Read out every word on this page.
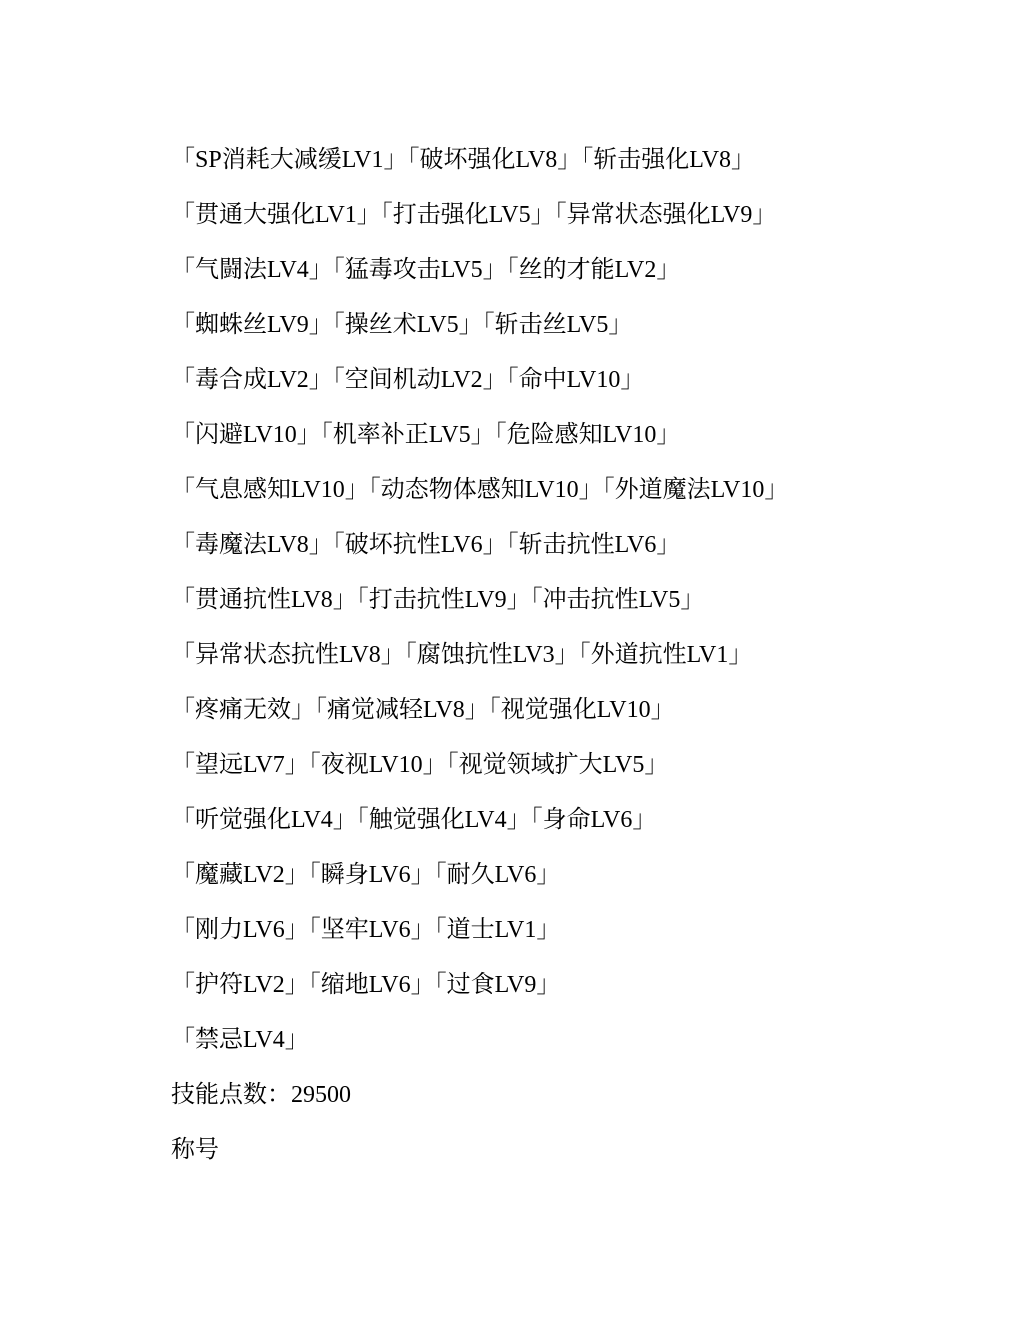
「SP消耗大减缓LV1」「破坏强化LV8」「斩击强化LV8」
「贯通大强化LV1」「打击强化LV5」「异常状态强化LV9」
「气闘法LV4」「猛毒攻击LV5」「丝的才能LV2」
「蜘蛛丝LV9」「操丝术LV5」「斩击丝LV5」
「毒合成LV2」「空间机动LV2」「命中LV10」
「闪避LV10」「机率补正LV5」「危险感知LV10」
「气息感知LV10」「动态物体感知LV10」「外道魔法LV10」
「毒魔法LV8」「破坏抗性LV6」「斩击抗性LV6」
「贯通抗性LV8」「打击抗性LV9」「冲击抗性LV5」
「异常状态抗性LV8」「腐蚀抗性LV3」「外道抗性LV1」
「疼痛无效」「痛觉减轻LV8」「视觉强化LV10」
「望远LV7」「夜视LV10」「视觉领域扩大LV5」
「听觉强化LV4」「触觉强化LV4」「身命LV6」
「魔藏LV2」「瞬身LV6」「耐久LV6」
「刚力LV6」「坚牢LV6」「道士LV1」
「护符LV2」「缩地LV6」「过食LV9」
「禁忌LV4」
技能点数：29500
称号
